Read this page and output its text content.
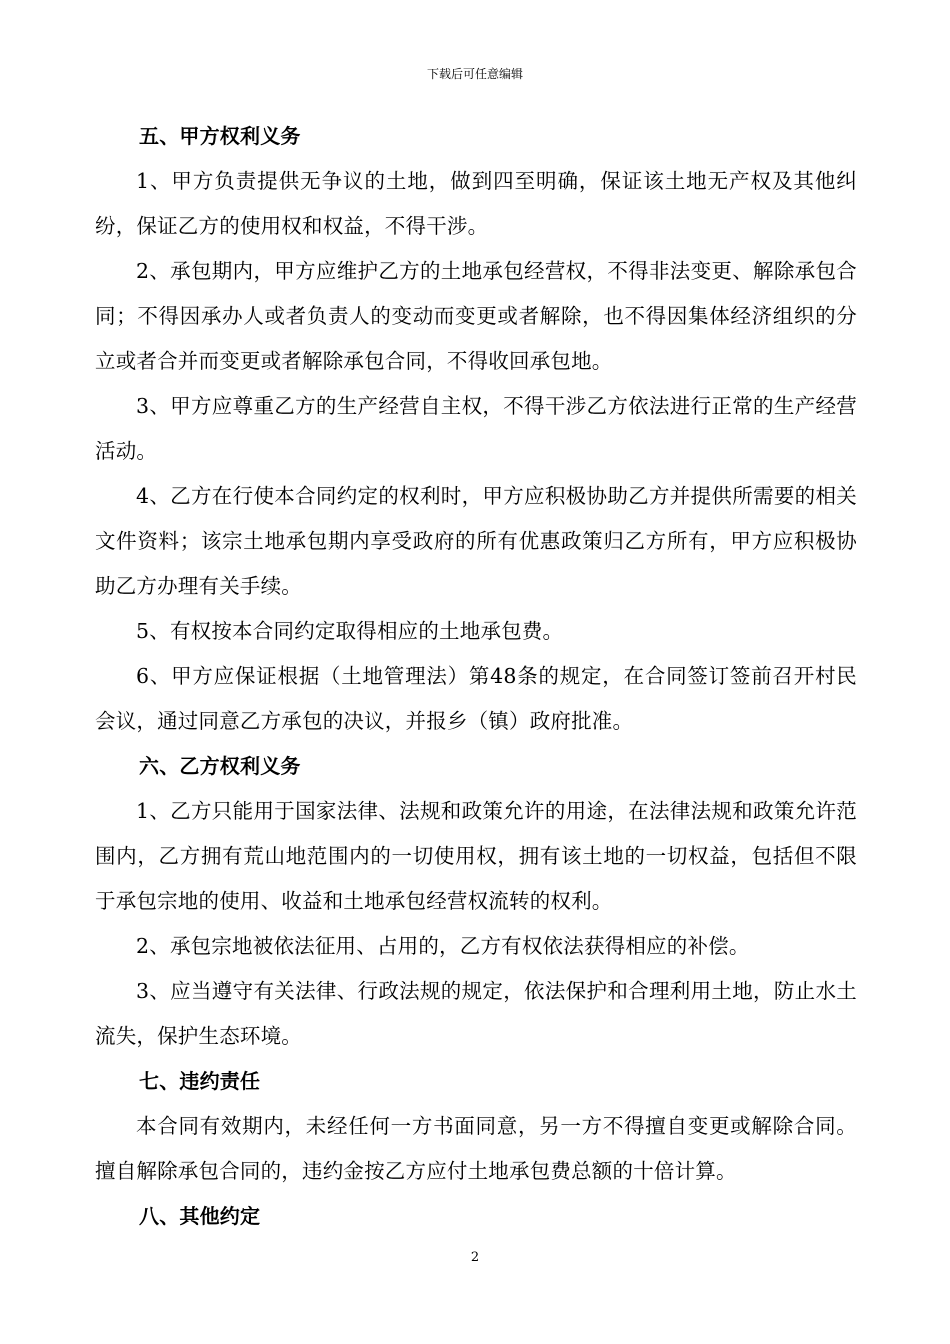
下载后可任意编辑

五、甲方权利义务

1、甲方负责提供无争议的土地，做到四至明确，保证该土地无产权及其他纠纷，保证乙方的使用权和权益，不得干涉。

2、承包期内，甲方应维护乙方的土地承包经营权，不得非法变更、解除承包合同；不得因承办人或者负责人的变动而变更或者解除，也不得因集体经济组织的分立或者合并而变更或者解除承包合同，不得收回承包地。

3、甲方应尊重乙方的生产经营自主权，不得干涉乙方依法进行正常的生产经营活动。

4、乙方在行使本合同约定的权利时，甲方应积极协助乙方并提供所需要的相关文件资料；该宗土地承包期内享受政府的所有优惠政策归乙方所有，甲方应积极协助乙方办理有关手续。

5、有权按本合同约定取得相应的土地承包费。

6、甲方应保证根据（土地管理法）第48条的规定，在合同签订签前召开村民会议，通过同意乙方承包的决议，并报乡（镇）政府批准。

六、乙方权利义务

1、乙方只能用于国家法律、法规和政策允许的用途，在法律法规和政策允许范围内，乙方拥有荒山地范围内的一切使用权，拥有该土地的一切权益，包括但不限于承包宗地的使用、收益和土地承包经营权流转的权利。

2、承包宗地被依法征用、占用的，乙方有权依法获得相应的补偿。

3、应当遵守有关法律、行政法规的规定，依法保护和合理利用土地，防止水土流失，保护生态环境。

七、违约责任

本合同有效期内，未经任何一方书面同意，另一方不得擅自变更或解除合同。擅自解除承包合同的，违约金按乙方应付土地承包费总额的十倍计算。

八、其他约定

2
